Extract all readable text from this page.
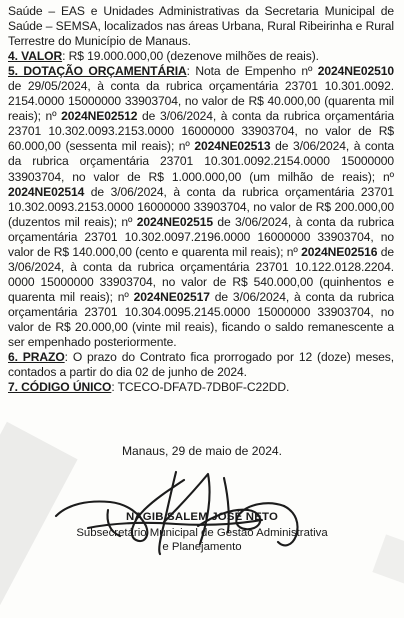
Saúde – EAS e Unidades Administrativas da Secretaria Municipal de Saúde – SEMSA, localizados nas áreas Urbana, Rural Ribeirinha e Rural Terrestre do Município de Manaus.

4. VALOR: R$ 19.000.000,00 (dezenove milhões de reais).

5. DOTAÇÃO ORÇAMENTÁRIA: Nota de Empenho nº 2024NE02510 de 29/05/2024, à conta da rubrica orçamentária 23701 10.301.0092. 2154.0000 15000000 33903704, no valor de R$ 40.000,00 (quarenta mil reais); nº 2024NE02512 de 3/06/2024, à conta da rubrica orçamentária 23701 10.302.0093.2153.0000 16000000 33903704, no valor de R$ 60.000,00 (sessenta mil reais); nº 2024NE02513 de 3/06/2024, à conta da rubrica orçamentária 23701 10.301.0092.2154.0000 15000000 33903704, no valor de R$ 1.000.000,00 (um milhão de reais); nº 2024NE02514 de 3/06/2024, à conta da rubrica orçamentária 23701 10.302.0093.2153.0000 16000000 33903704, no valor de R$ 200.000,00 (duzentos mil reais); nº 2024NE02515 de 3/06/2024, à conta da rubrica orçamentária 23701 10.302.0097.2196.0000 16000000 33903704, no valor de R$ 140.000,00 (cento e quarenta mil reais); nº 2024NE02516 de 3/06/2024, à conta da rubrica orçamentária 23701 10.122.0128.2204. 0000 15000000 33903704, no valor de R$ 540.000,00 (quinhentos e quarenta mil reais); nº 2024NE02517 de 3/06/2024, à conta da rubrica orçamentária 23701 10.304.0095.2145.0000 15000000 33903704, no valor de R$ 20.000,00 (vinte mil reais), ficando o saldo remanescente a ser empenhado posteriormente.

6. PRAZO: O prazo do Contrato fica prorrogado por 12 (doze) meses, contados a partir do dia 02 de junho de 2024.

7. CÓDIGO ÚNICO: TCECO-DFA7D-7DB0F-C22DD.

Manaus, 29 de maio de 2024.
NAGIB SALEM JOSÉ NETO
Subsecretário Municipal de Gestão Administrativa
e Planejamento
